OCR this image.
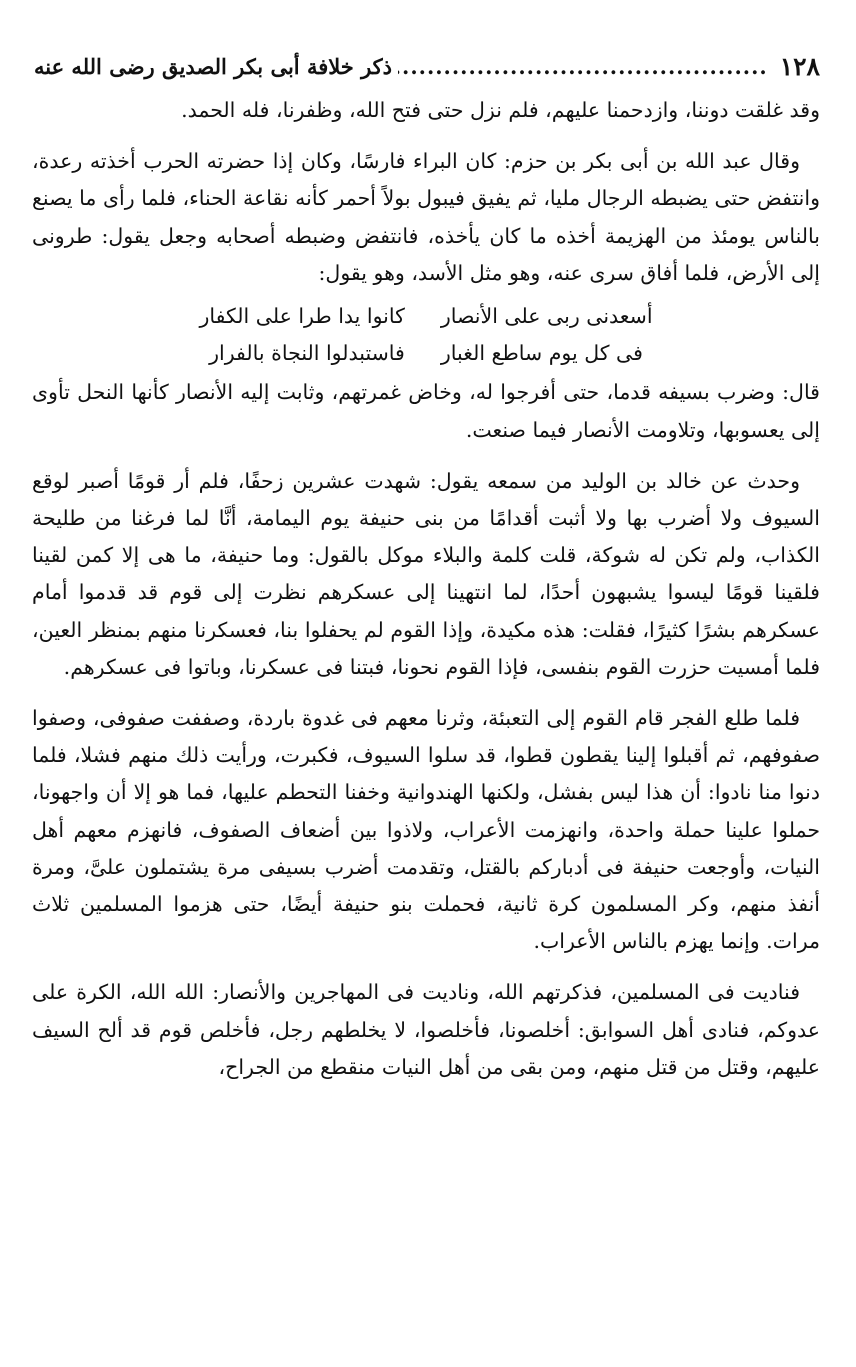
١٢٨
.....
ذكر خلافة أبى بكر الصديق رضى الله عنه

وقد غلقت دوننا، وازدحمنا عليهم، فلم نزل حتى فتح الله، وظفرنا، فله الحمد.

وقال عبد الله بن أبى بكر بن حزم: كان البراء فارسًا، وكان إذا حضرته الحرب أخذته رعدة، وانتفض حتى يضبطه الرجال مليا، ثم يفيق فيبول بولاً أحمر كأنه نقاعة الحناء، فلما رأى ما يصنع بالناس يومئذ من الهزيمة أخذه ما كان يأخذه، فانتفض وضبطه أصحابه وجعل يقول: طرونى إلى الأرض، فلما أفاق سرى عنه، وهو مثل الأسد، وهو يقول:

أسعدنى ربى على الأنصار
كانوا يدا طرا على الكفار
فى كل يوم ساطع الغبار
فاستبدلوا النجاة بالفرار

قال: وضرب بسيفه قدما، حتى أفرجوا له، وخاض غمرتهم، وثابت إليه الأنصار كأنها النحل تأوى إلى يعسوبها، وتلاومت الأنصار فيما صنعت.

وحدث عن خالد بن الوليد من سمعه يقول: شهدت عشرين زحفًا، فلم أر قومًا أصبر لوقع السيوف ولا أضرب بها ولا أثبت أقدامًا من بنى حنيفة يوم اليمامة، أنَّا لما فرغنا من طليحة الكذاب، ولم تكن له شوكة، قلت كلمة والبلاء موكل بالقول: وما حنيفة، ما هى إلا كمن لقينا فلقينا قومًا ليسوا يشبهون أحدًا، لما انتهينا إلى عسكرهم نظرت إلى قوم قد قدموا أمام عسكرهم بشرًا كثيرًا، فقلت: هذه مكيدة، وإذا القوم لم يحفلوا بنا، فعسكرنا منهم بمنظر العين، فلما أمسيت حزرت القوم بنفسى، فإذا القوم نحونا، فبتنا فى عسكرنا، وباتوا فى عسكرهم.

فلما طلع الفجر قام القوم إلى التعبئة، وثرنا معهم فى غدوة باردة، وصففت صفوفى، وصفوا صفوفهم، ثم أقبلوا إلينا يقطون قطوا، قد سلوا السيوف، فكبرت، ورأيت ذلك منهم فشلا، فلما دنوا منا نادوا: أن هذا ليس بفشل، ولكنها الهندوانية وخفنا التحطم عليها، فما هو إلا أن واجهونا، حملوا علينا حملة واحدة، وانهزمت الأعراب، ولاذوا بين أضعاف الصفوف، فانهزم معهم أهل النيات، وأوجعت حنيفة فى أدباركم بالقتل، وتقدمت أضرب بسيفى مرة يشتملون علىَّ، ومرة أنفذ منهم، وكر المسلمون كرة ثانية، فحملت بنو حنيفة أيضًا، حتى هزموا المسلمين ثلاث مرات. وإنما يهزم بالناس الأعراب.

فناديت فى المسلمين، فذكرتهم الله، وناديت فى المهاجرين والأنصار: الله الله، الكرة على عدوكم، فنادى أهل السوابق: أخلصونا، فأخلصوا، لا يخلطهم رجل، فأخلص قوم قد ألح السيف عليهم، وقتل من قتل منهم، ومن بقى من أهل النيات منقطع من الجراح،
